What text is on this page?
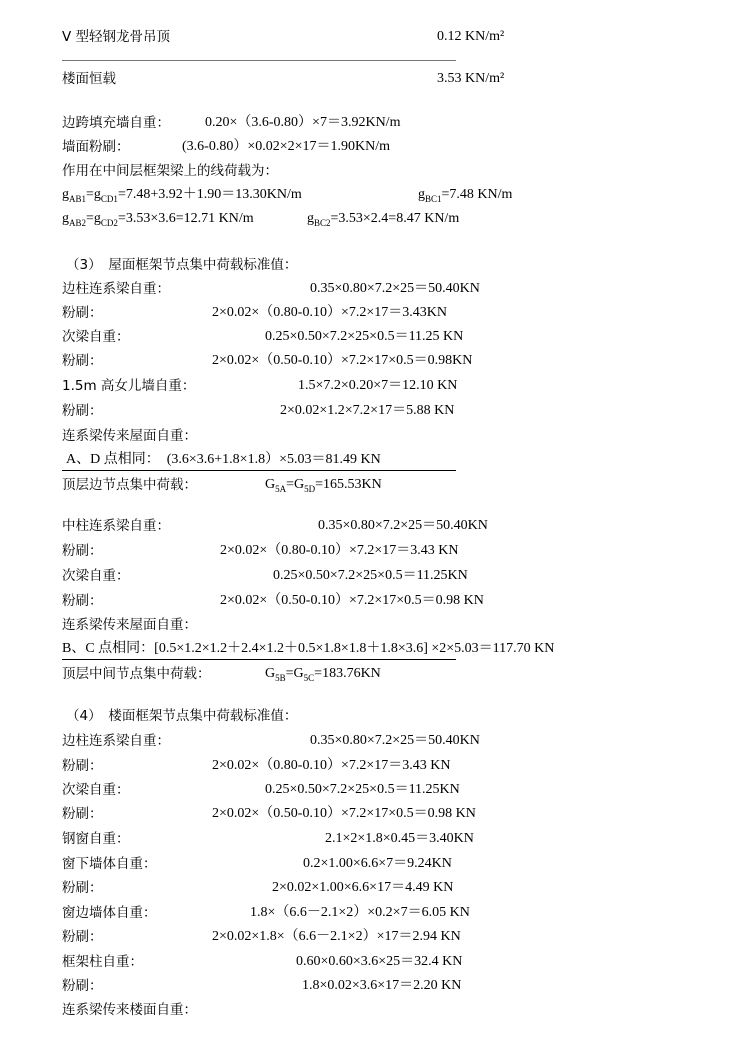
V 型轻钢龙骨吊顶	0.12 KN/m²
楼面恒载	3.53 KN/m²
边跨填充墙自重：	0.20×（3.6-0.80）×7＝3.92KN/m
墙面粉刷：	(3.6-0.80）×0.02×2×17＝1.90KN/m
作用在中间层框架梁上的线荷载为：
$g_{AB1}=g_{CD1}=7.48+3.92+1.90=13.30KN/m$	$g_{BC1}=7.48$ KN/m
$g_{AB2}=g_{CD2}=3.53\times 3.6=12.71$ KN/m	$g_{BC2}=3.53\times 2.4=8.47$ KN/m
（3）　屋面框架节点集中荷载标准值：
边柱连系梁自重：	0.35×0.80×7.2×25＝50.40KN
粉刷：	2×0.02×（0.80-0.10）×7.2×17＝3.43KN
次梁自重：	0.25×0.50×7.2×25×0.5＝11.25 KN
粉刷：	2×0.02×（0.50-0.10）×7.2×17×0.5＝0.98KN
1.5m 高女儿墙自重：	1.5×7.2×0.20×7＝12.10 KN
粉刷：	2×0.02×1.2×7.2×17＝5.88 KN
连系梁传来屋面自重：
A、D 点相同：　(3.6×3.6+1.8×1.8）×5.03＝81.49 KN
顶层边节点集中荷载：	$G_{5A}=G_{5D}=165.53KN$
中柱连系梁自重：	0.35×0.80×7.2×25＝50.40KN
粉刷：	2×0.02×（0.80-0.10）×7.2×17＝3.43 KN
次梁自重：	0.25×0.50×7.2×25×0.5＝11.25KN
粉刷：	2×0.02×（0.50-0.10）×7.2×17×0.5＝0.98 KN
连系梁传来屋面自重：
B、C 点相同：[0.5×1.2×1.2＋2.4×1.2＋0.5×1.8×1.8＋1.8×3.6] ×2×5.03＝117.70 KN
顶层中间节点集中荷载：	$G_{5B}=G_{5C}=183.76KN$
（4）　楼面框架节点集中荷载标准值：
边柱连系梁自重：	0.35×0.80×7.2×25＝50.40KN
粉刷：	2×0.02×（0.80-0.10）×7.2×17＝3.43 KN
次梁自重：	0.25×0.50×7.2×25×0.5＝11.25KN
粉刷：	2×0.02×（0.50-0.10）×7.2×17×0.5＝0.98 KN
钢窗自重：	2.1×2×1.8×0.45＝3.40KN
窗下墙体自重：	0.2×1.00×6.6×7＝9.24KN
粉刷：	2×0.02×1.00×6.6×17＝4.49 KN
窗边墙体自重：	1.8×（6.6－2.1×2）×0.2×7＝6.05 KN
粉刷：	2×0.02×1.8×（6.6－2.1×2）×17＝2.94 KN
框架柱自重：	0.60×0.60×3.6×25＝32.4 KN
粉刷：	1.8×0.02×3.6×17＝2.20 KN
连系梁传来楼面自重：
